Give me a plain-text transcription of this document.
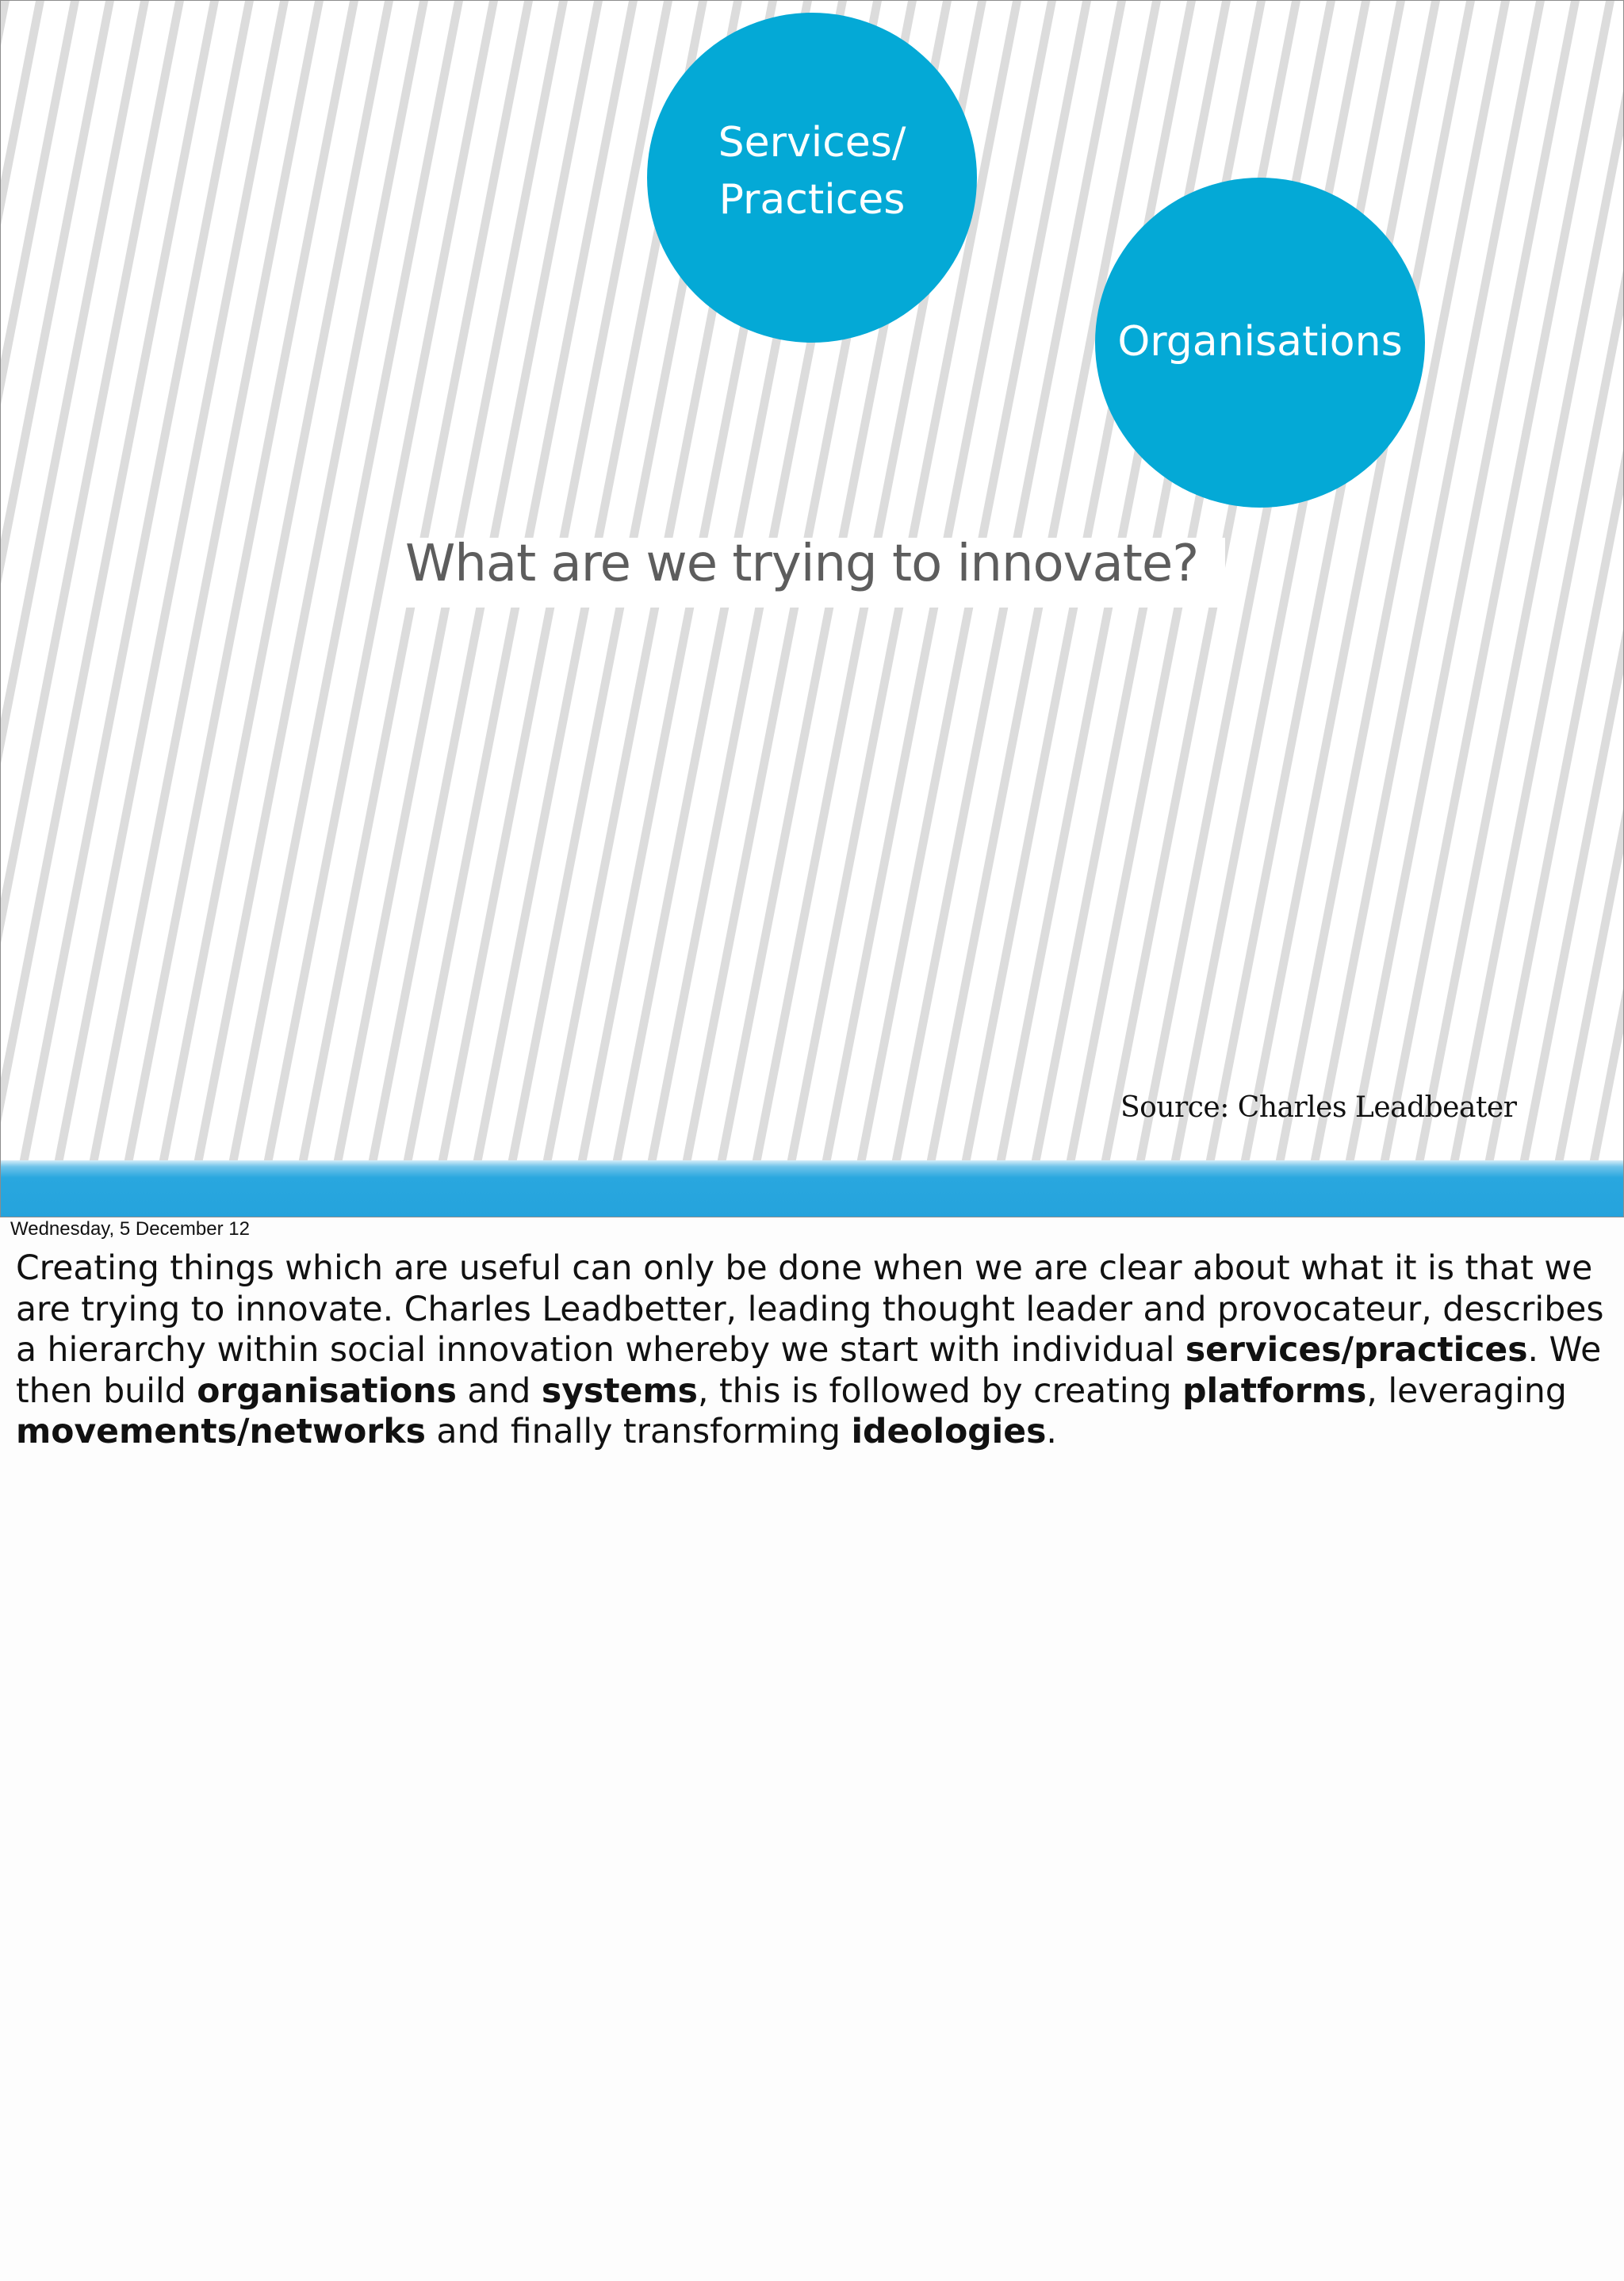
Services/
Practices
Organisations
What are we trying to innovate?
Source: Charles Leadbeater
Wednesday, 5 December 12
Creating things which are useful can only be done when we are clear about what it is that we are trying to innovate. Charles Leadbetter, leading thought leader and provocateur, describes a hierarchy within social innovation whereby we start with individual services/practices. We then build organisations and systems, this is followed by creating platforms, leveraging movements/networks and finally transforming ideologies.
